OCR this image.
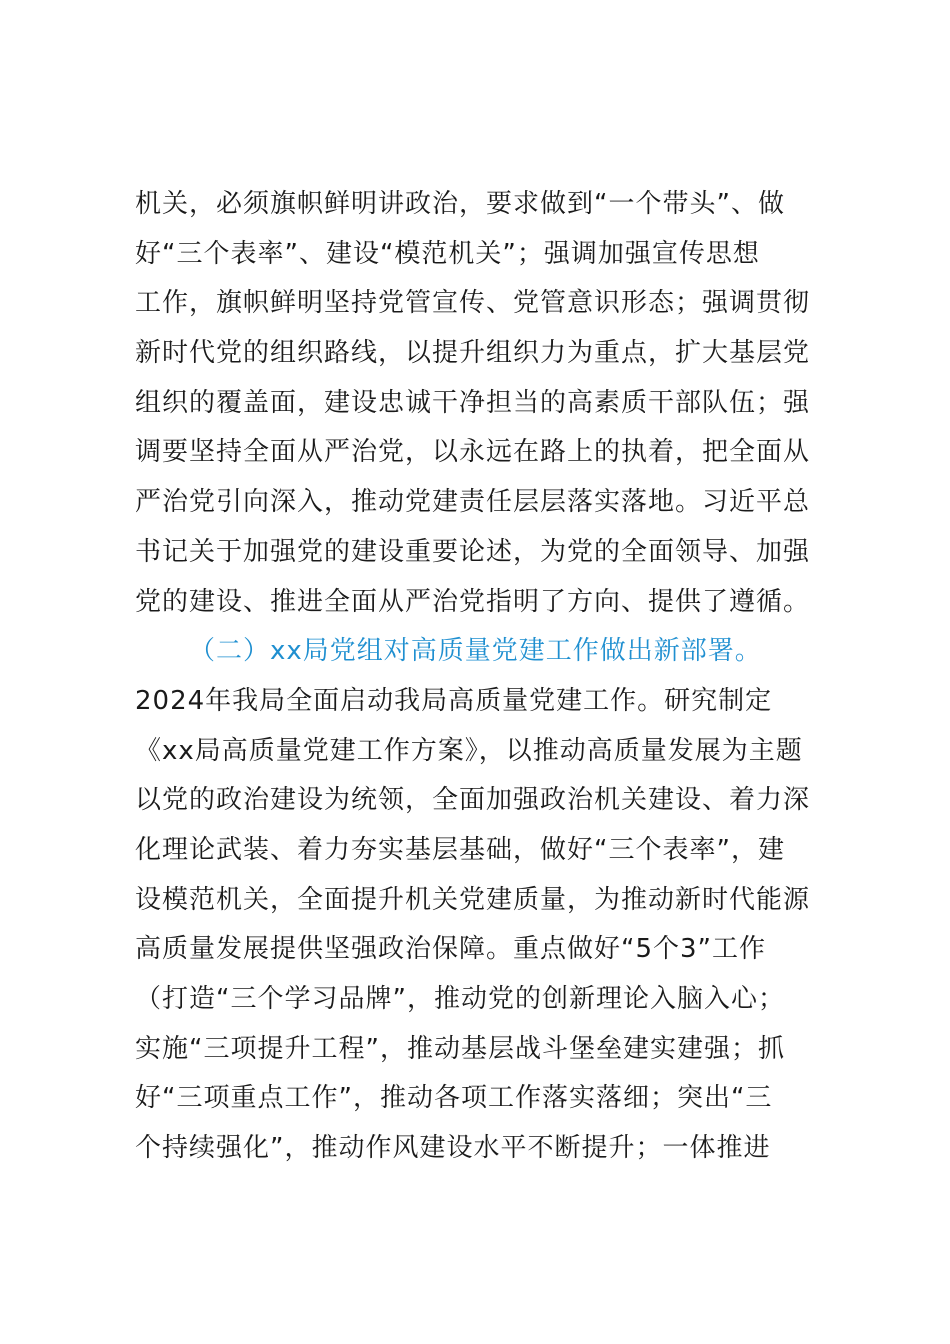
机关，必须旗帜鲜明讲政治，要求做到“一个带头”、做
好“三个表率”、建设“模范机关”；强调加强宣传思想
工作，旗帜鲜明坚持党管宣传、党管意识形态；强调贯彻
新时代党的组织路线，以提升组织力为重点，扩大基层党
组织的覆盖面，建设忠诚干净担当的高素质干部队伍；强
调要坚持全面从严治党，以永远在路上的执着，把全面从
严治党引向深入，推动党建责任层层落实落地。习近平总
书记关于加强党的建设重要论述，为党的全面领导、加强
党的建设、推进全面从严治党指明了方向、提供了遵循。
（二）xx局党组对高质量党建工作做出新部署。
2024年我局全面启动我局高质量党建工作。研究制定
《xx局高质量党建工作方案》，以推动高质量发展为主题
以党的政治建设为统领，全面加强政治机关建设、着力深
化理论武装、着力夯实基层基础，做好“三个表率”，建
设模范机关，全面提升机关党建质量，为推动新时代能源
高质量发展提供坚强政治保障。重点做好“5个3”工作
（打造“三个学习品牌”，推动党的创新理论入脑入心；
实施“三项提升工程”，推动基层战斗堡垒建实建强；抓
好“三项重点工作”，推动各项工作落实落细；突出“三
个持续强化”，推动作风建设水平不断提升；一体推进
